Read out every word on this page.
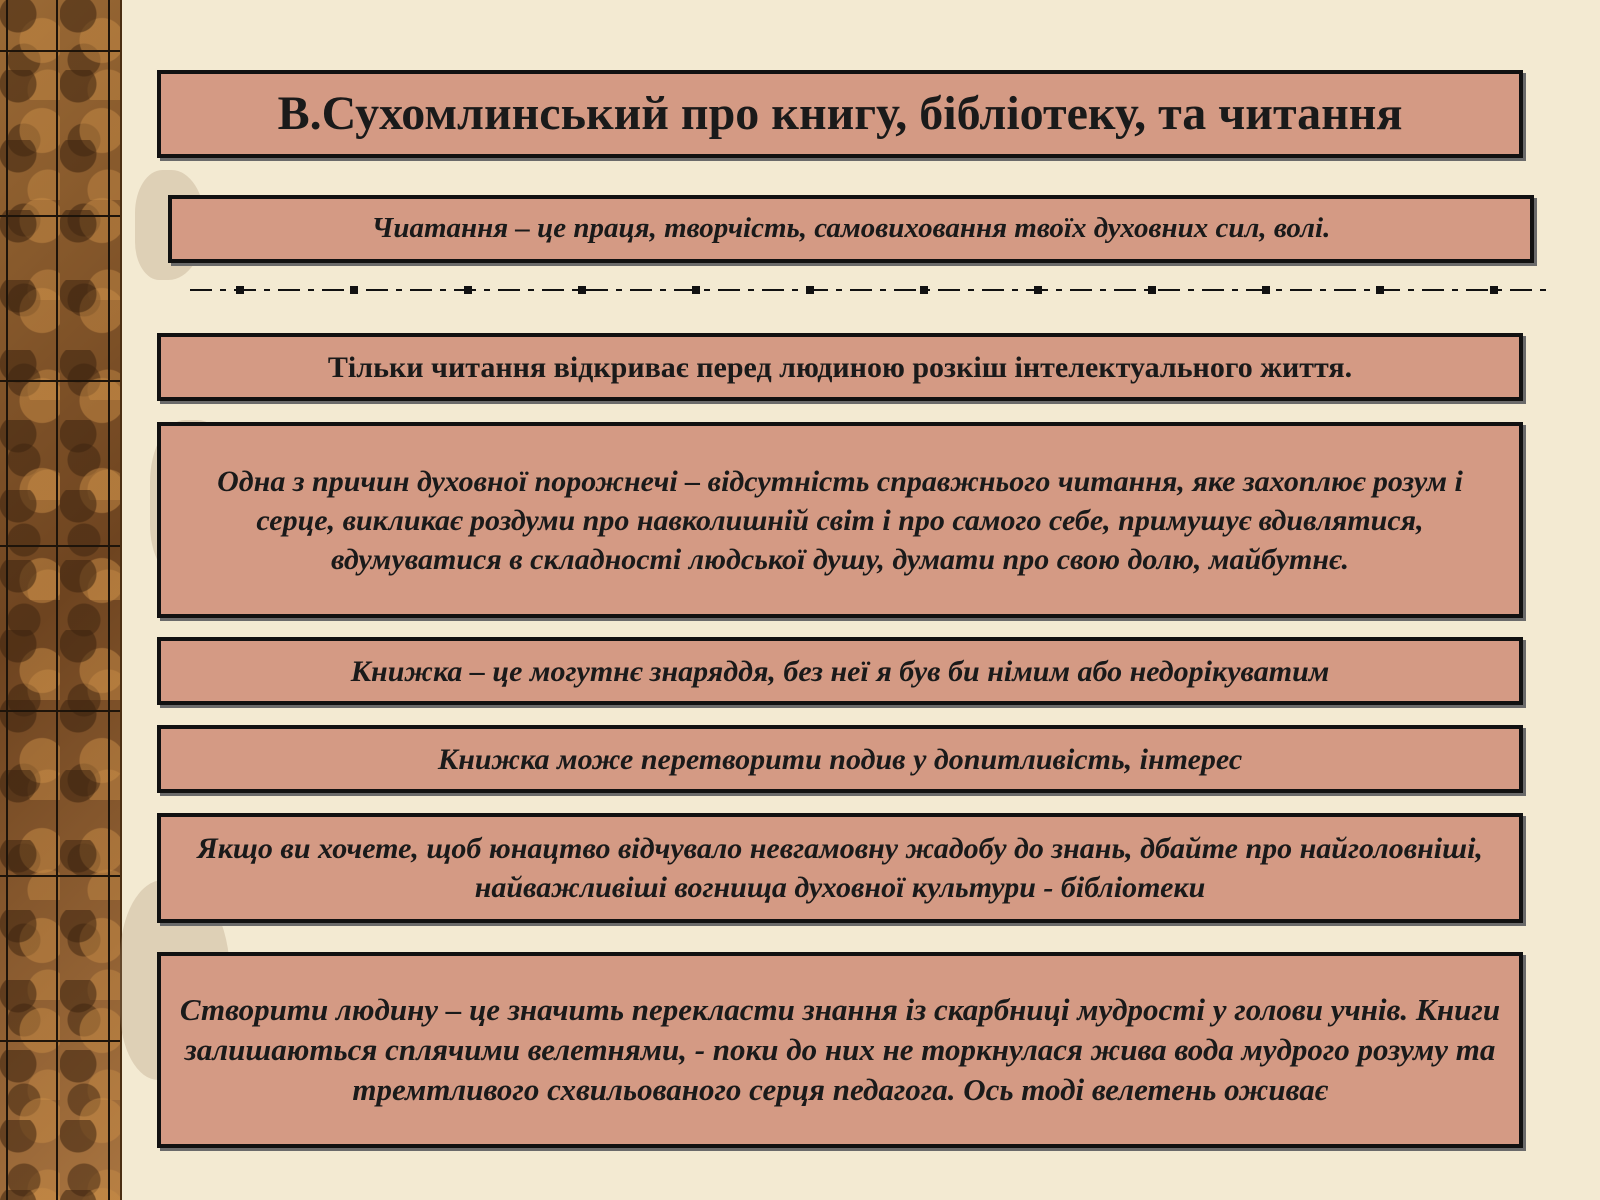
В.Сухомлинський про книгу, бібліотеку, та читання
Чиатання – це праця, творчість, самовиховання твоїх духовних сил, волі.
Тільки читання відкриває перед людиною розкіш інтелектуального життя.
Одна з причин духовної порожнечі – відсутність справжнього читання, яке захоплює розум і серце, викликає роздуми про навколишній світ і про самого себе, примушує вдивлятися, вдумуватися в складності людської душу, думати про свою долю, майбутнє.
Книжка – це могутнє знаряддя, без неї я був би німим або недорікуватим
Книжка може перетворити подив у допитливість, інтерес
Якщо ви хочете, щоб юнацтво відчувало невгамовну жадобу до знань, дбайте про найголовніші, найважливіші вогнища духовної культури - бібліотеки
Створити людину – це значить перекласти знання із скарбниці мудрості у голови учнів. Книги залишаються сплячими велетнями, - поки до них не торкнулася жива вода мудрого розуму та тремтливого схвильованого серця педагога. Ось тоді велетень оживає
